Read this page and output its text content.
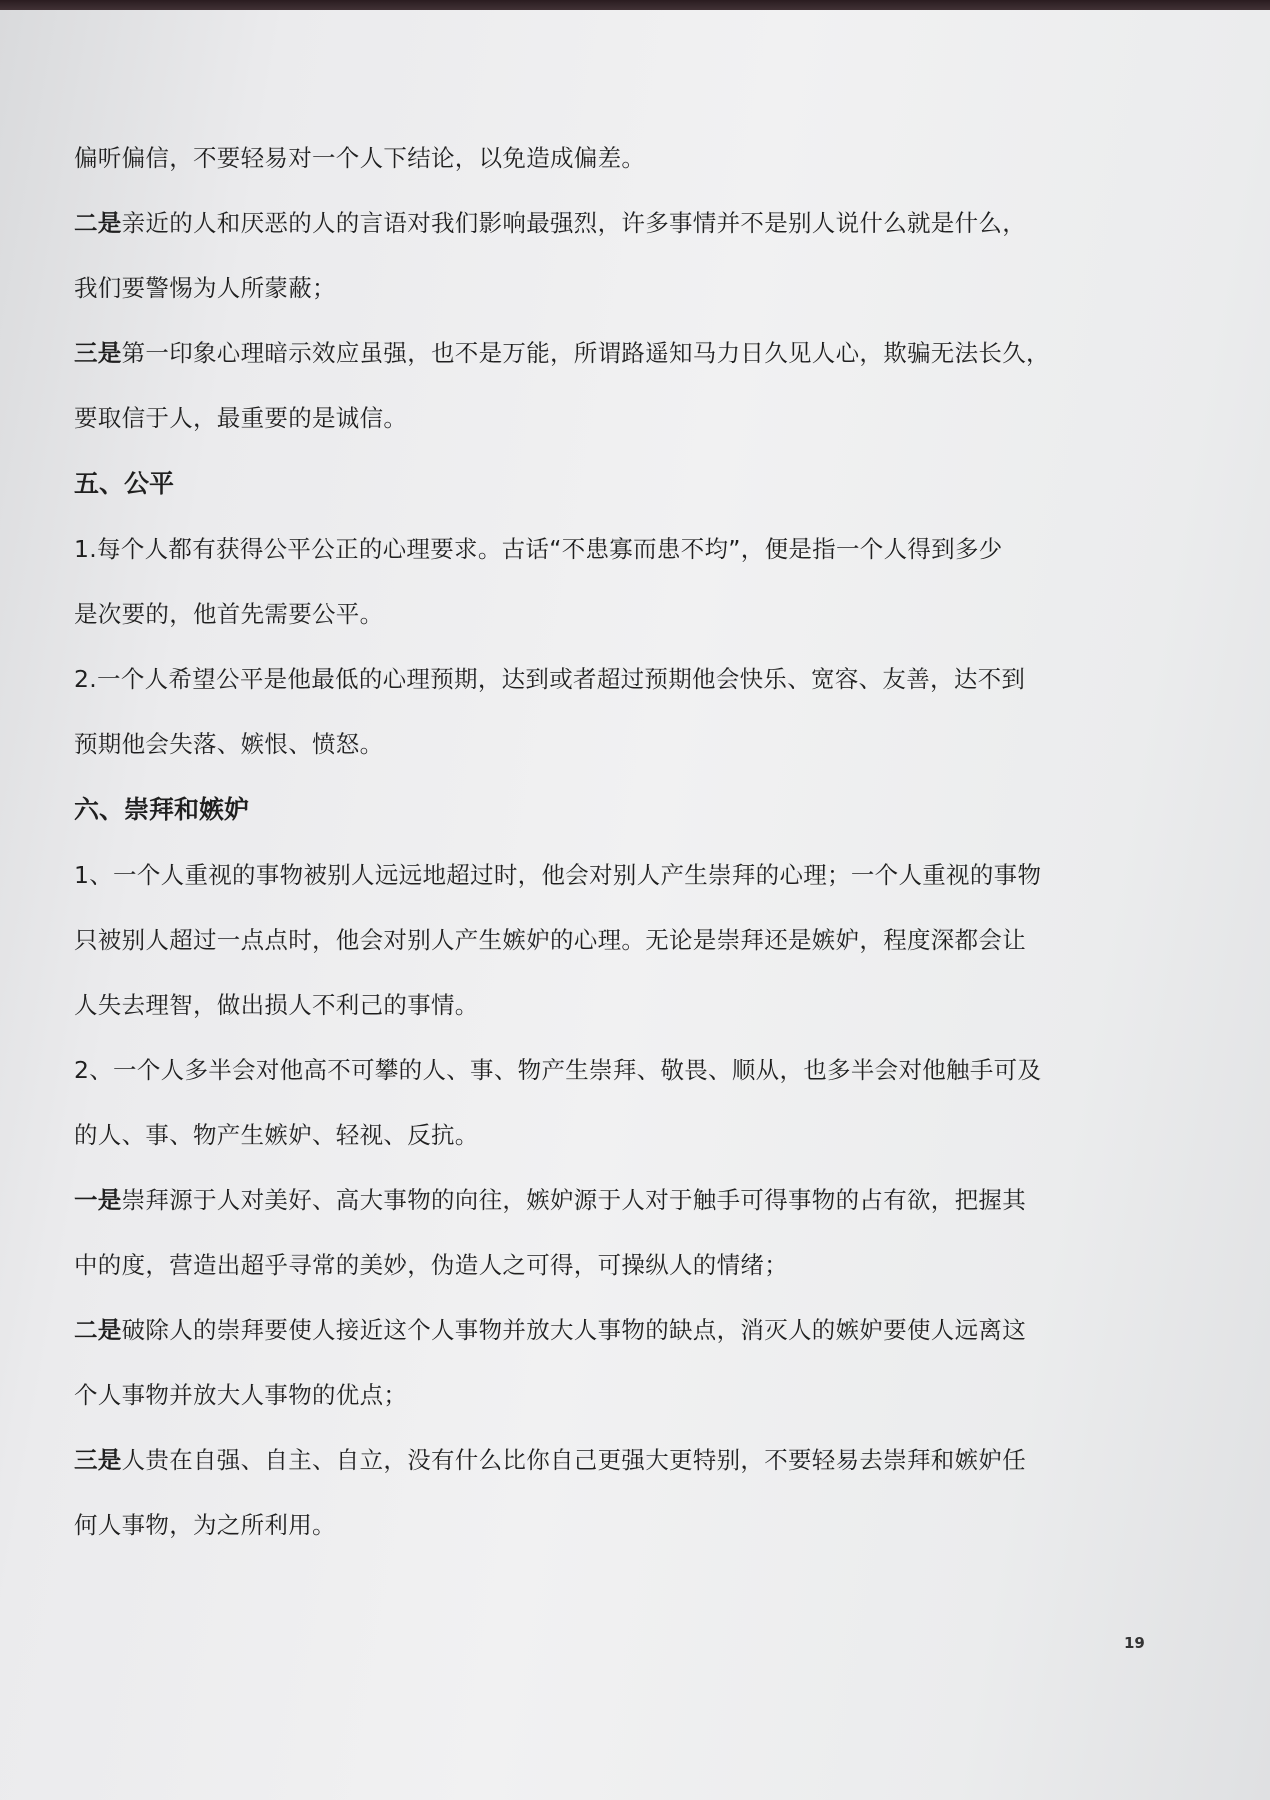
偏听偏信，不要轻易对一个人下结论，以免造成偏差。
二是亲近的人和厌恶的人的言语对我们影响最强烈，许多事情并不是别人说什么就是什么，
我们要警惕为人所蒙蔽；
三是第一印象心理暗示效应虽强，也不是万能，所谓路遥知马力日久见人心，欺骗无法长久，
要取信于人，最重要的是诚信。
五、公平
1.每个人都有获得公平公正的心理要求。古话“不患寡而患不均”，便是指一个人得到多少
是次要的，他首先需要公平。
2.一个人希望公平是他最低的心理预期，达到或者超过预期他会快乐、宽容、友善，达不到
预期他会失落、嫉恨、愤怒。
六、崇拜和嫉妒
1、一个人重视的事物被别人远远地超过时，他会对别人产生崇拜的心理；一个人重视的事物
只被别人超过一点点时，他会对别人产生嫉妒的心理。无论是崇拜还是嫉妒，程度深都会让
人失去理智，做出损人不利己的事情。
2、一个人多半会对他高不可攀的人、事、物产生崇拜、敬畏、顺从，也多半会对他触手可及
的人、事、物产生嫉妒、轻视、反抗。
一是崇拜源于人对美好、高大事物的向往，嫉妒源于人对于触手可得事物的占有欲，把握其
中的度，营造出超乎寻常的美妙，伪造人之可得，可操纵人的情绪；
二是破除人的崇拜要使人接近这个人事物并放大人事物的缺点，消灭人的嫉妒要使人远离这
个人事物并放大人事物的优点；
三是人贵在自强、自主、自立，没有什么比你自己更强大更特别，不要轻易去崇拜和嫉妒任
何人事物，为之所利用。
19
